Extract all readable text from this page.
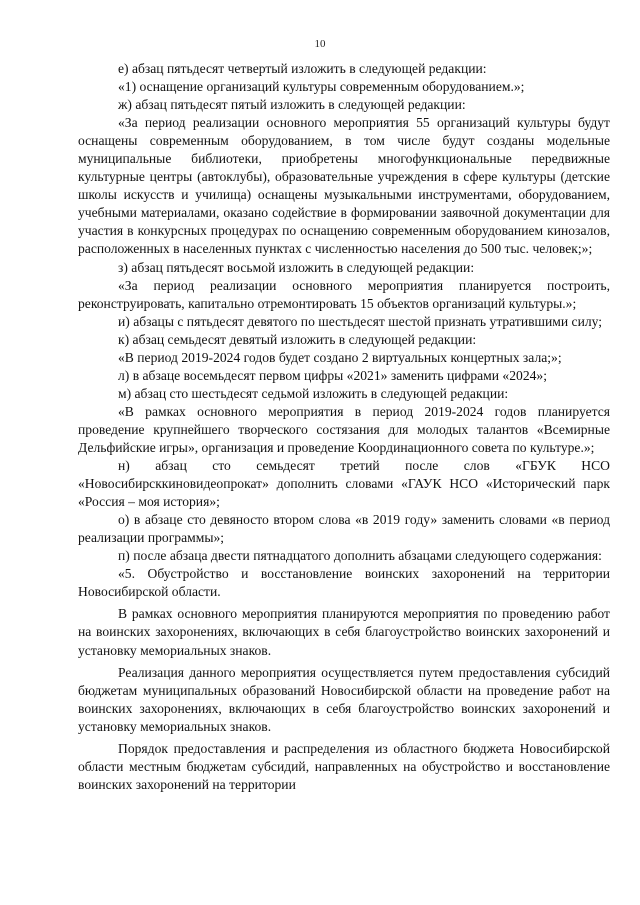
10

е) абзац пятьдесят четвертый изложить в следующей редакции:

«1) оснащение организаций культуры современным оборудованием.»;

ж) абзац пятьдесят пятый изложить в следующей редакции:

«За период реализации основного мероприятия 55 организаций культуры будут оснащены современным оборудованием, в том числе будут созданы модельные муниципальные библиотеки, приобретены многофункциональные передвижные культурные центры (автоклубы), образовательные учреждения в сфере культуры (детские школы искусств и училища) оснащены музыкальными инструментами, оборудованием, учебными материалами, оказано содействие в формировании заявочной документации для участия в конкурсных процедурах по оснащению современным оборудованием кинозалов, расположенных в населенных пунктах с численностью населения до 500 тыс. человек;»;

з) абзац пятьдесят восьмой изложить в следующей редакции:

«За период реализации основного мероприятия планируется построить, реконструировать, капитально отремонтировать 15 объектов организаций культуры.»;

и) абзацы с пятьдесят девятого по шестьдесят шестой признать утратившими силу;

к) абзац семьдесят девятый изложить в следующей редакции:

«В период 2019-2024 годов будет создано 2 виртуальных концертных зала;»;

л) в абзаце восемьдесят первом цифры «2021» заменить цифрами «2024»;

м) абзац сто шестьдесят седьмой изложить в следующей редакции:

«В рамках основного мероприятия в период 2019-2024 годов планируется проведение крупнейшего творческого состязания для молодых талантов «Всемирные Дельфийские игры», организация и проведение Координационного совета по культуре.»;

н) абзац сто семьдесят третий после слов «ГБУК НСО «Новосибирсккиновидеопрокат» дополнить словами «ГАУК НСО «Исторический парк «Россия – моя история»;

о) в абзаце сто девяносто втором слова «в 2019 году» заменить словами «в период реализации программы»;

п) после абзаца двести пятнадцатого дополнить абзацами следующего содержания:

«5. Обустройство и восстановление воинских захоронений на территории Новосибирской области.

В рамках основного мероприятия планируются мероприятия по проведению работ на воинских захоронениях, включающих в себя благоустройство воинских захоронений и установку мемориальных знаков.

Реализация данного мероприятия осуществляется путем предоставления субсидий бюджетам муниципальных образований Новосибирской области на проведение работ на воинских захоронениях, включающих в себя благоустройство воинских захоронений и установку мемориальных знаков.

Порядок предоставления и распределения из областного бюджета Новосибирской области местным бюджетам субсидий, направленных на обустройство и восстановление воинских захоронений на территории
